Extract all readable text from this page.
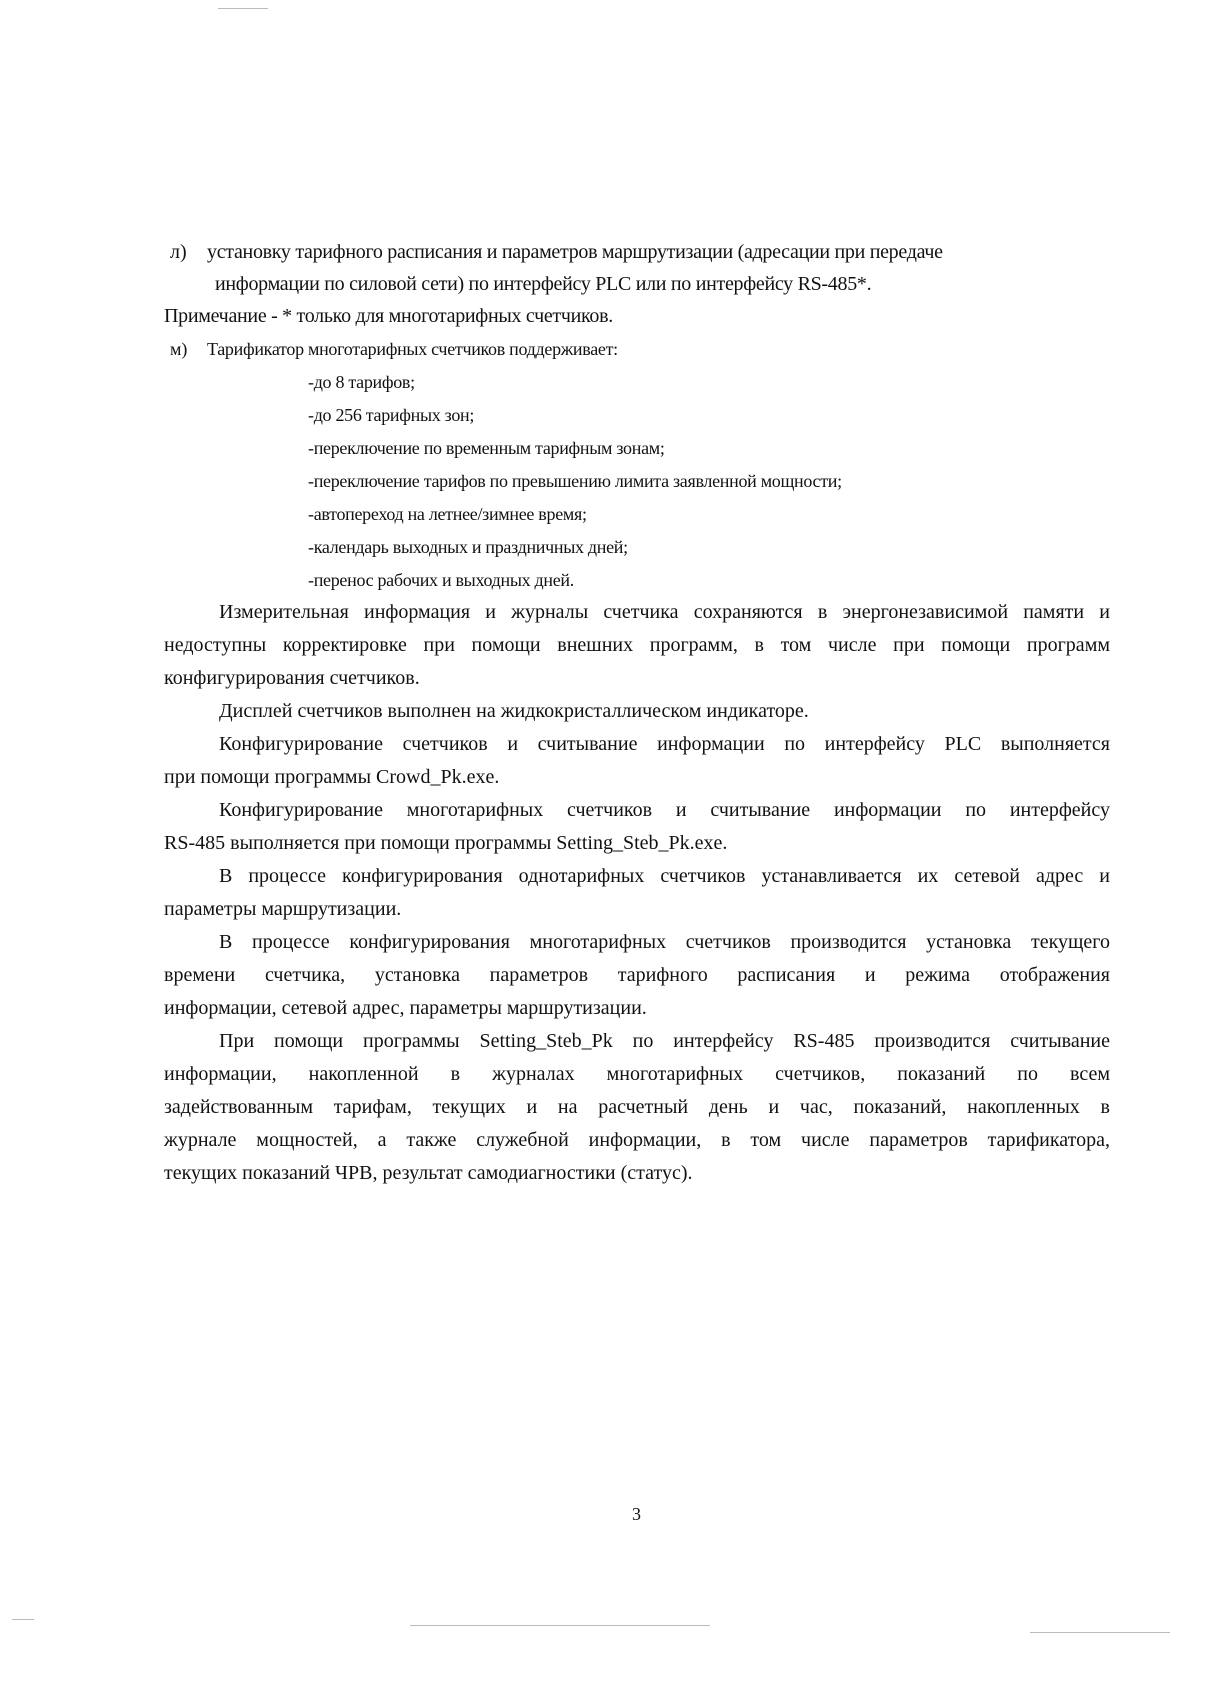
л) установку тарифного расписания и параметров маршрутизации (адресации при передаче
информации по силовой сети) по интерфейсу PLC или по интерфейсу RS-485*.
Примечание - * только для многотарифных счетчиков.
м) Тарификатор многотарифных счетчиков поддерживает:
-до 8 тарифов;
-до 256 тарифных зон;
-переключение по временным тарифным зонам;
-переключение тарифов по превышению лимита заявленной мощности;
-автопереход на летнее/зимнее время;
-календарь выходных и праздничных дней;
-перенос рабочих и выходных дней.
Измерительная информация и журналы счетчика сохраняются в энергонезависимой памяти и
недоступны корректировке при помощи внешних программ, в том числе при помощи программ
конфигурирования счетчиков.
Дисплей счетчиков выполнен на жидкокристаллическом индикаторе.
Конфигурирование счетчиков и считывание информации по интерфейсу PLC выполняется
при помощи программы Crowd_Pk.exe.
Конфигурирование многотарифных счетчиков и считывание информации по интерфейсу
RS-485 выполняется при помощи программы Setting_Steb_Pk.exe.
В процессе конфигурирования однотарифных счетчиков устанавливается их сетевой адрес и
параметры маршрутизации.
В процессе конфигурирования многотарифных счетчиков производится установка текущего
времени счетчика, установка параметров тарифного расписания и режима отображения
информации, сетевой адрес, параметры маршрутизации.
При помощи программы Setting_Steb_Pk по интерфейсу RS-485 производится считывание
информации, накопленной в журналах многотарифных счетчиков, показаний по всем
задействованным тарифам, текущих и на расчетный день и час, показаний, накопленных в
журнале мощностей, а также служебной информации, в том числе параметров тарификатора,
текущих показаний ЧРВ, результат самодиагностики (статус).
3
